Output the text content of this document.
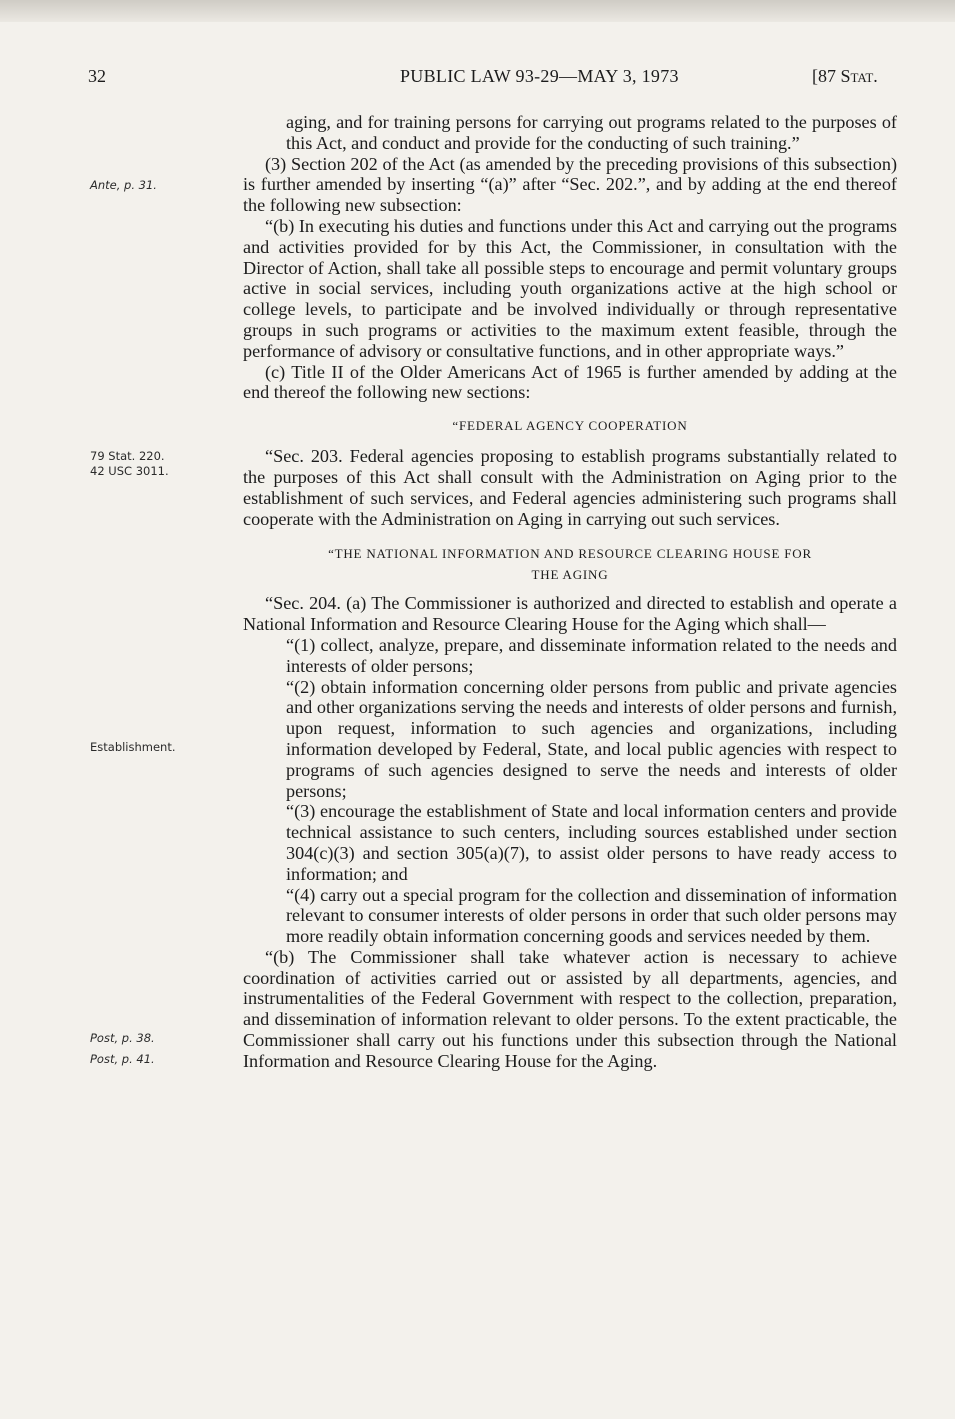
32	PUBLIC LAW 93-29—MAY 3, 1973	[87 Stat.
Ante, p. 31.
79 Stat. 220.
42 USC 3011.
Establishment.
Post, p. 38.
Post, p. 41.

aging, and for training persons for carrying out programs related to the purposes of this Act, and conduct and provide for the conducting of such training.”

(3) Section 202 of the Act (as amended by the preceding provisions of this subsection) is further amended by inserting “(a)” after “Sec. 202.”, and by adding at the end thereof the following new subsection:

“(b) In executing his duties and functions under this Act and carrying out the programs and activities provided for by this Act, the Commissioner, in consultation with the Director of Action, shall take all possible steps to encourage and permit voluntary groups active in social services, including youth organizations active at the high school or college levels, to participate and be involved individually or through representative groups in such programs or activities to the maximum extent feasible, through the performance of advisory or consultative functions, and in other appropriate ways.”

(c) Title II of the Older Americans Act of 1965 is further amended by adding at the end thereof the following new sections:

“FEDERAL AGENCY COOPERATION

“Sec. 203. Federal agencies proposing to establish programs substantially related to the purposes of this Act shall consult with the Administration on Aging prior to the establishment of such services, and Federal agencies administering such programs shall cooperate with the Administration on Aging in carrying out such services.

“THE NATIONAL INFORMATION AND RESOURCE CLEARING HOUSE FOR
THE AGING

“Sec. 204. (a) The Commissioner is authorized and directed to establish and operate a National Information and Resource Clearing House for the Aging which shall—

“(1) collect, analyze, prepare, and disseminate information related to the needs and interests of older persons;

“(2) obtain information concerning older persons from public and private agencies and other organizations serving the needs and interests of older persons and furnish, upon request, information to such agencies and organizations, including information developed by Federal, State, and local public agencies with respect to programs of such agencies designed to serve the needs and interests of older persons;

“(3) encourage the establishment of State and local information centers and provide technical assistance to such centers, including sources established under section 304(c)(3) and section 305(a)(7), to assist older persons to have ready access to information; and

“(4) carry out a special program for the collection and dissemination of information relevant to consumer interests of older persons in order that such older persons may more readily obtain information concerning goods and services needed by them.

“(b) The Commissioner shall take whatever action is necessary to achieve coordination of activities carried out or assisted by all departments, agencies, and instrumentalities of the Federal Government with respect to the collection, preparation, and dissemination of information relevant to older persons. To the extent practicable, the Commissioner shall carry out his functions under this subsection through the National Information and Resource Clearing House for the Aging.
